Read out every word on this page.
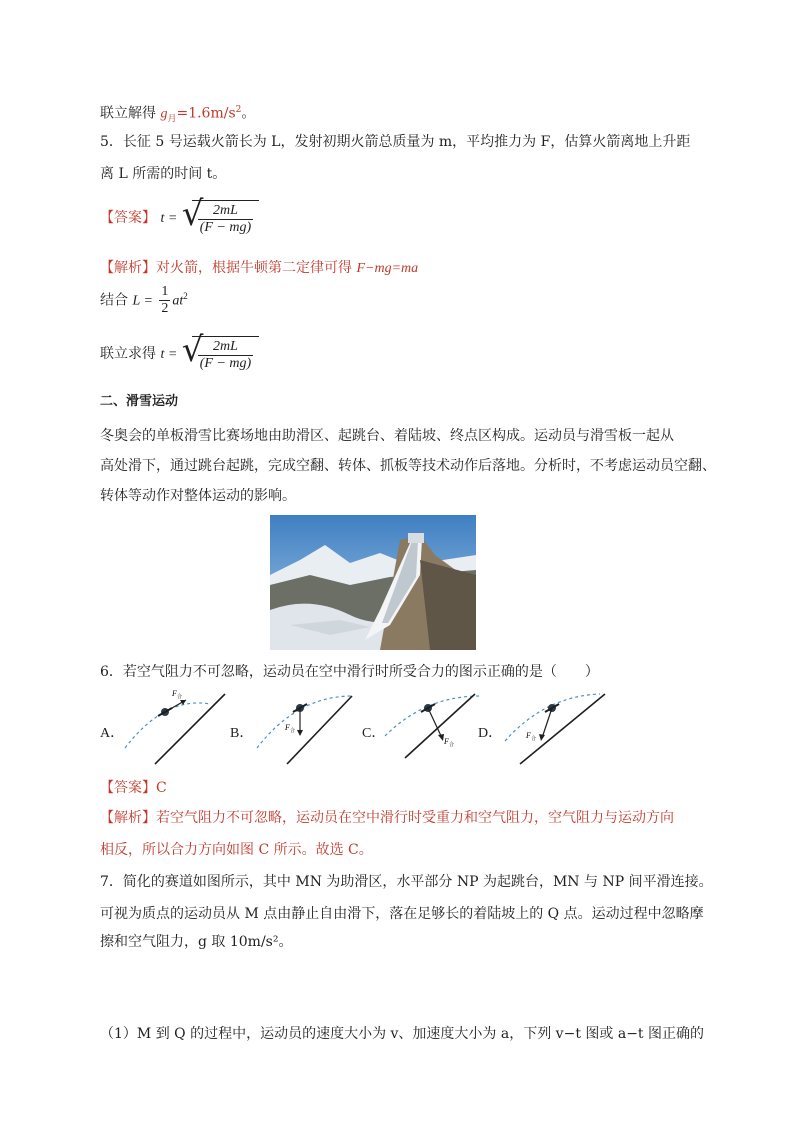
联立解得 $g_月=1.6m/s^2$。
5．长征 5 号运载火箭长为 L，发射初期火箭总质量为 m，平均推力为 F，估算火箭离地上升距
离 L 所需的时间 t。
【答案】 t = √
$\frac{2mL}{(F - mg)}$
【解析】对火箭，根据牛顿第二定律可得 F−mg=ma
结合 $L = \frac{1}{2} at^2$
联立求得 t = √
$\frac{2mL}{(F - mg)}$
二、滑雪运动
冬奥会的单板滑雪比赛场地由助滑区、起跳台、着陆坡、终点区构成。运动员与滑雪板一起从
高处滑下，通过跳台起跳，完成空翻、转体、抓板等技术动作后落地。分析时，不考虑运动员空翻、
转体等动作对整体运动的影响。
6．若空气阻力不可忽略，运动员在空中滑行时所受合力的图示正确的是（　　）
A．	B．	C．	D．
F 合
F 合
F 合
F 合
【答案】C
【解析】若空气阻力不可忽略，运动员在空中滑行时受重力和空气阻力，空气阻力与运动方向
相反，所以合力方向如图 C 所示。故选 C。
7．简化的赛道如图所示，其中 MN 为助滑区，水平部分 NP 为起跳台，MN 与 NP 间平滑连接。
可视为质点的运动员从 M 点由静止自由滑下，落在足够长的着陆坡上的 Q 点。运动过程中忽略摩
擦和空气阻力，g 取 10m/s²。
（1）M 到 Q 的过程中，运动员的速度大小为 v、加速度大小为 a，下列 v−t 图或 a−t 图正确的
